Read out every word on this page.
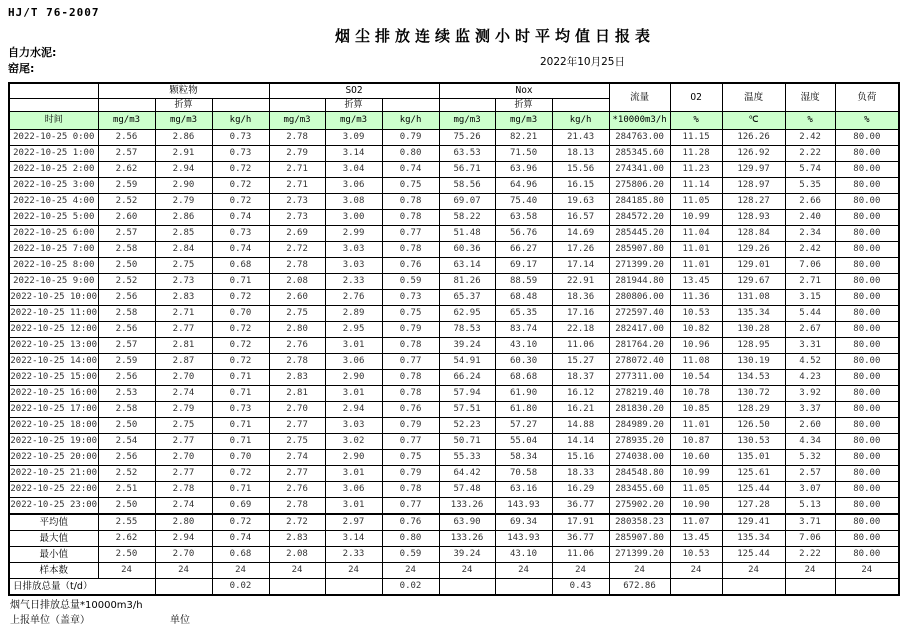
HJ/T 76-2007
烟尘排放连续监测小时平均值日报表
自力水泥:
窑尾:	2022年10月25日
	颗粒物			SO2			Nox			流量	O2	温度	湿度	负荷
		折算			折算			折算						
时间	mg/m3	mg/m3	kg/h	mg/m3	mg/m3	kg/h	mg/m3	mg/m3	kg/h	*10000m3/h	%	℃	%	%
2022-10-25 0:00	2.56	2.86	0.73	2.78	3.09	0.79	75.26	82.21	21.43	284763.00	11.15	126.26	2.42	80.00
2022-10-25 1:00	2.57	2.91	0.73	2.79	3.14	0.80	63.53	71.50	18.13	285345.60	11.28	126.92	2.22	80.00
2022-10-25 2:00	2.62	2.94	0.72	2.71	3.04	0.74	56.71	63.96	15.56	274341.00	11.23	129.97	5.74	80.00
2022-10-25 3:00	2.59	2.90	0.72	2.71	3.06	0.75	58.56	64.96	16.15	275806.20	11.14	128.97	5.35	80.00
2022-10-25 4:00	2.52	2.79	0.72	2.73	3.08	0.78	69.07	75.40	19.63	284185.80	11.05	128.27	2.66	80.00
2022-10-25 5:00	2.60	2.86	0.74	2.73	3.00	0.78	58.22	63.58	16.57	284572.20	10.99	128.93	2.40	80.00
2022-10-25 6:00	2.57	2.85	0.73	2.69	2.99	0.77	51.48	56.76	14.69	285445.20	11.04	128.84	2.34	80.00
2022-10-25 7:00	2.58	2.84	0.74	2.72	3.03	0.78	60.36	66.27	17.26	285907.80	11.01	129.26	2.42	80.00
2022-10-25 8:00	2.50	2.75	0.68	2.78	3.03	0.76	63.14	69.17	17.14	271399.20	11.01	129.01	7.06	80.00
2022-10-25 9:00	2.52	2.73	0.71	2.08	2.33	0.59	81.26	88.59	22.91	281944.80	13.45	129.67	2.71	80.00
2022-10-25 10:00	2.56	2.83	0.72	2.60	2.76	0.73	65.37	68.48	18.36	280806.00	11.36	131.08	3.15	80.00
2022-10-25 11:00	2.58	2.71	0.70	2.75	2.89	0.75	62.95	65.35	17.16	272597.40	10.53	135.34	5.44	80.00
2022-10-25 12:00	2.56	2.77	0.72	2.80	2.95	0.79	78.53	83.74	22.18	282417.00	10.82	130.28	2.67	80.00
2022-10-25 13:00	2.57	2.81	0.72	2.76	3.01	0.78	39.24	43.10	11.06	281764.20	10.96	128.95	3.31	80.00
2022-10-25 14:00	2.59	2.87	0.72	2.78	3.06	0.77	54.91	60.30	15.27	278072.40	11.08	130.19	4.52	80.00
2022-10-25 15:00	2.56	2.70	0.71	2.83	2.90	0.78	66.24	68.68	18.37	277311.00	10.54	134.53	4.23	80.00
2022-10-25 16:00	2.53	2.74	0.71	2.81	3.01	0.78	57.94	61.90	16.12	278219.40	10.78	130.72	3.92	80.00
2022-10-25 17:00	2.58	2.79	0.73	2.70	2.94	0.76	57.51	61.80	16.21	281830.20	10.85	128.29	3.37	80.00
2022-10-25 18:00	2.50	2.75	0.71	2.77	3.03	0.79	52.23	57.27	14.88	284989.20	11.01	126.50	2.60	80.00
2022-10-25 19:00	2.54	2.77	0.71	2.75	3.02	0.77	50.71	55.04	14.14	278935.20	10.87	130.53	4.34	80.00
2022-10-25 20:00	2.56	2.70	0.70	2.74	2.90	0.75	55.33	58.34	15.16	274038.00	10.60	135.01	5.32	80.00
2022-10-25 21:00	2.52	2.77	0.72	2.77	3.01	0.79	64.42	70.58	18.33	284548.80	10.99	125.61	2.57	80.00
2022-10-25 22:00	2.51	2.78	0.71	2.76	3.06	0.78	57.48	63.16	16.29	283455.60	11.05	125.44	3.07	80.00
2022-10-25 23:00	2.50	2.74	0.69	2.78	3.01	0.77	133.26	143.93	36.77	275902.20	10.90	127.28	5.13	80.00

平均值	2.55	2.80	0.72	2.72	2.97	0.76	63.90	69.34	17.91	280358.23	11.07	129.41	3.71	80.00
最大值	2.62	2.94	0.74	2.83	3.14	0.80	133.26	143.93	36.77	285907.80	13.45	135.34	7.06	80.00
最小值	2.50	2.70	0.68	2.08	2.33	0.59	39.24	43.10	11.06	271399.20	10.53	125.44	2.22	80.00
样本数	24	24	24	24	24	24	24	24	24	24	24	24	24	24
日排放总量（t/d）			0.02			0.02			0.43	672.86				
烟气日排放总量*10000m3/h
上报单位（盖章）	单位
